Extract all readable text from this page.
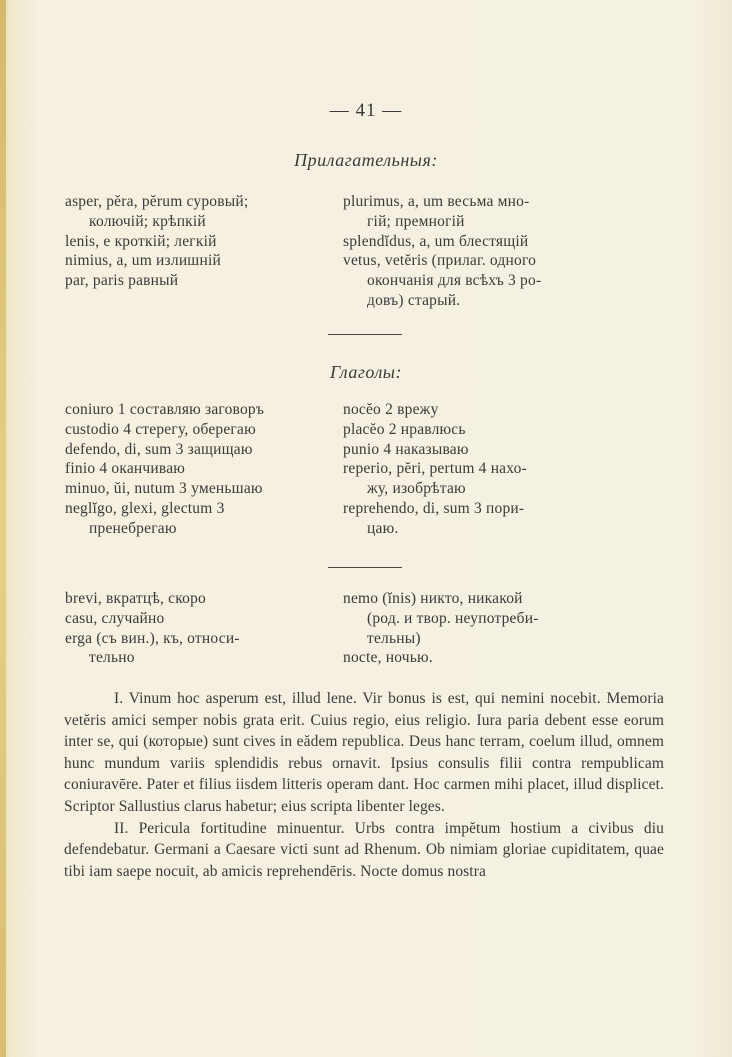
— 41 —
Прилагательныя:
asper, pĕra, pĕrum суровый;
колючій; крѣпкій
lenis, e кроткій; легкій
nimius, a, um излишній
par, paris равный
plurimus, a, um весьма мно-
гій; премногій
splendĭdus, a, um блестящій
vetus, vetĕris (прилаг. одного
окончанія для всѣхъ 3 ро-
довъ) старый.
Глаголы:
coniuro 1 составляю заговоръ
custodio 4 стерегу, оберегаю
defendo, di, sum 3 защищаю
finio 4 оканчиваю
minuo, ŭi, nutum 3 уменьшаю
neglĭgo, glexi, glectum 3
пренебрегаю
nocĕo 2 врежу
placĕo 2 нравлюсь
punio 4 наказываю
reperio, pĕri, pertum 4 нахо-
жу, изобрѣтаю
reprehendo, di, sum 3 пори-
цаю.
brevi, вкратцѣ, скоро
casu, случайно
erga (съ вин.), къ, относи-
тельно
nemo (ĭnis) никто, никакой
(род. и твор. неупотреби-
тельны)
nocte, ночью.

I. Vinum hoc asperum est, illud lene. Vir bonus is est, qui nemini nocebit. Memoria vetĕris amici semper nobis grata erit. Cuius regio, eius religio. Iura paria debent esse eorum inter se, qui (которые) sunt cives in eădem republica. Deus hanc terram, coelum illud, omnem hunc mundum variis splendidis rebus ornavit. Ipsius consulis filii contra rempublicam coniuravēre. Pater et filius iisdem litteris operam dant. Hoc carmen mihi placet, illud displicet. Scriptor Sallustius clarus habetur; eius scripta libenter leges.

II. Pericula fortitudine minuentur. Urbs contra impĕtum hostium a civibus diu defendebatur. Germani a Caesare victi sunt ad Rhenum. Ob nimiam gloriae cupiditatem, quae tibi iam saepe nocuit, ab amicis reprehendēris. Nocte domus nostra
